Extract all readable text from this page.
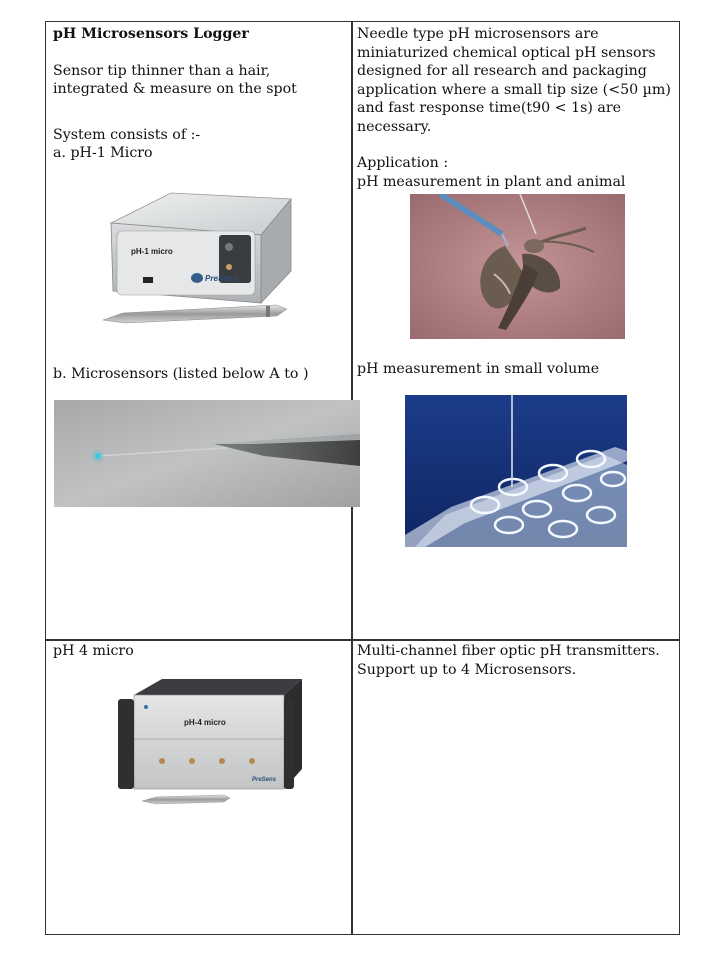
pH Microsensors Logger

Sensor tip thinner than a hair,

integrated & measure on the spot

System consists of :-

a. pH-1 Micro

pH-1 micro
PreSens

b. Microsensors (listed below A to )

Needle type pH microsensors are

miniaturized chemical optical pH sensors

designed for all research and packaging

application where a small tip size (<50 µm)

and fast response time(t90 < 1s) are

necessary.

Application :

pH measurement in plant and animal

pH measurement in small volume

pH 4 micro

pH-4 micro
PreSens

Multi-channel fiber optic pH transmitters.

Support up to 4 Microsensors.
